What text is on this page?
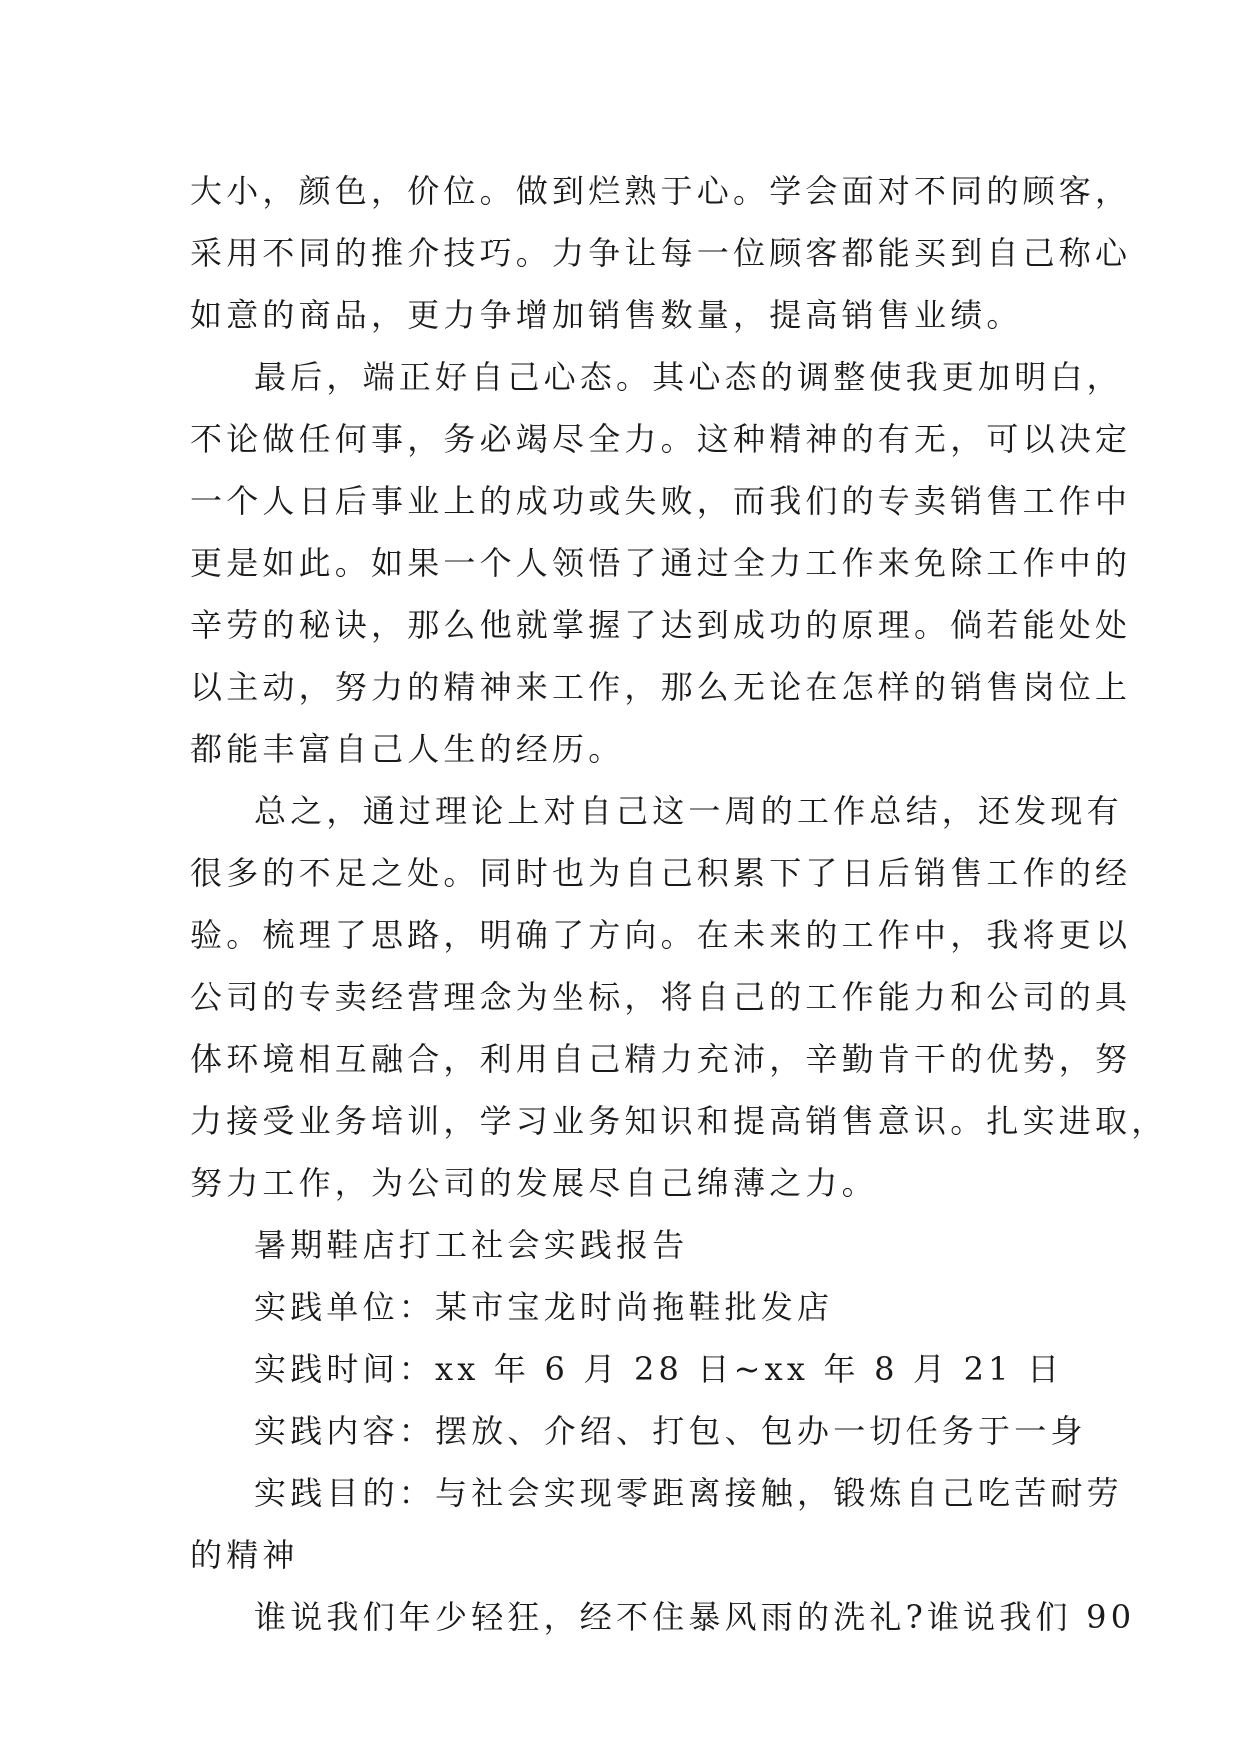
大小，颜色，价位。做到烂熟于心。学会面对不同的顾客，
采用不同的推介技巧。力争让每一位顾客都能买到自己称心
如意的商品，更力争增加销售数量，提高销售业绩。
最后，端正好自己心态。其心态的调整使我更加明白，
不论做任何事，务必竭尽全力。这种精神的有无，可以决定
一个人日后事业上的成功或失败，而我们的专卖销售工作中
更是如此。如果一个人领悟了通过全力工作来免除工作中的
辛劳的秘诀，那么他就掌握了达到成功的原理。倘若能处处
以主动，努力的精神来工作，那么无论在怎样的销售岗位上
都能丰富自己人生的经历。
总之，通过理论上对自己这一周的工作总结，还发现有
很多的不足之处。同时也为自己积累下了日后销售工作的经
验。梳理了思路，明确了方向。在未来的工作中，我将更以
公司的专卖经营理念为坐标，将自己的工作能力和公司的具
体环境相互融合，利用自己精力充沛，辛勤肯干的优势，努
力接受业务培训，学习业务知识和提高销售意识。扎实进取，
努力工作，为公司的发展尽自己绵薄之力。
暑期鞋店打工社会实践报告
实践单位：某市宝龙时尚拖鞋批发店
实践时间：xx 年 6 月 28 日~xx 年 8 月 21 日
实践内容：摆放、介绍、打包、包办一切任务于一身
实践目的：与社会实现零距离接触，锻炼自己吃苦耐劳
的精神
谁说我们年少轻狂，经不住暴风雨的洗礼?谁说我们 90
